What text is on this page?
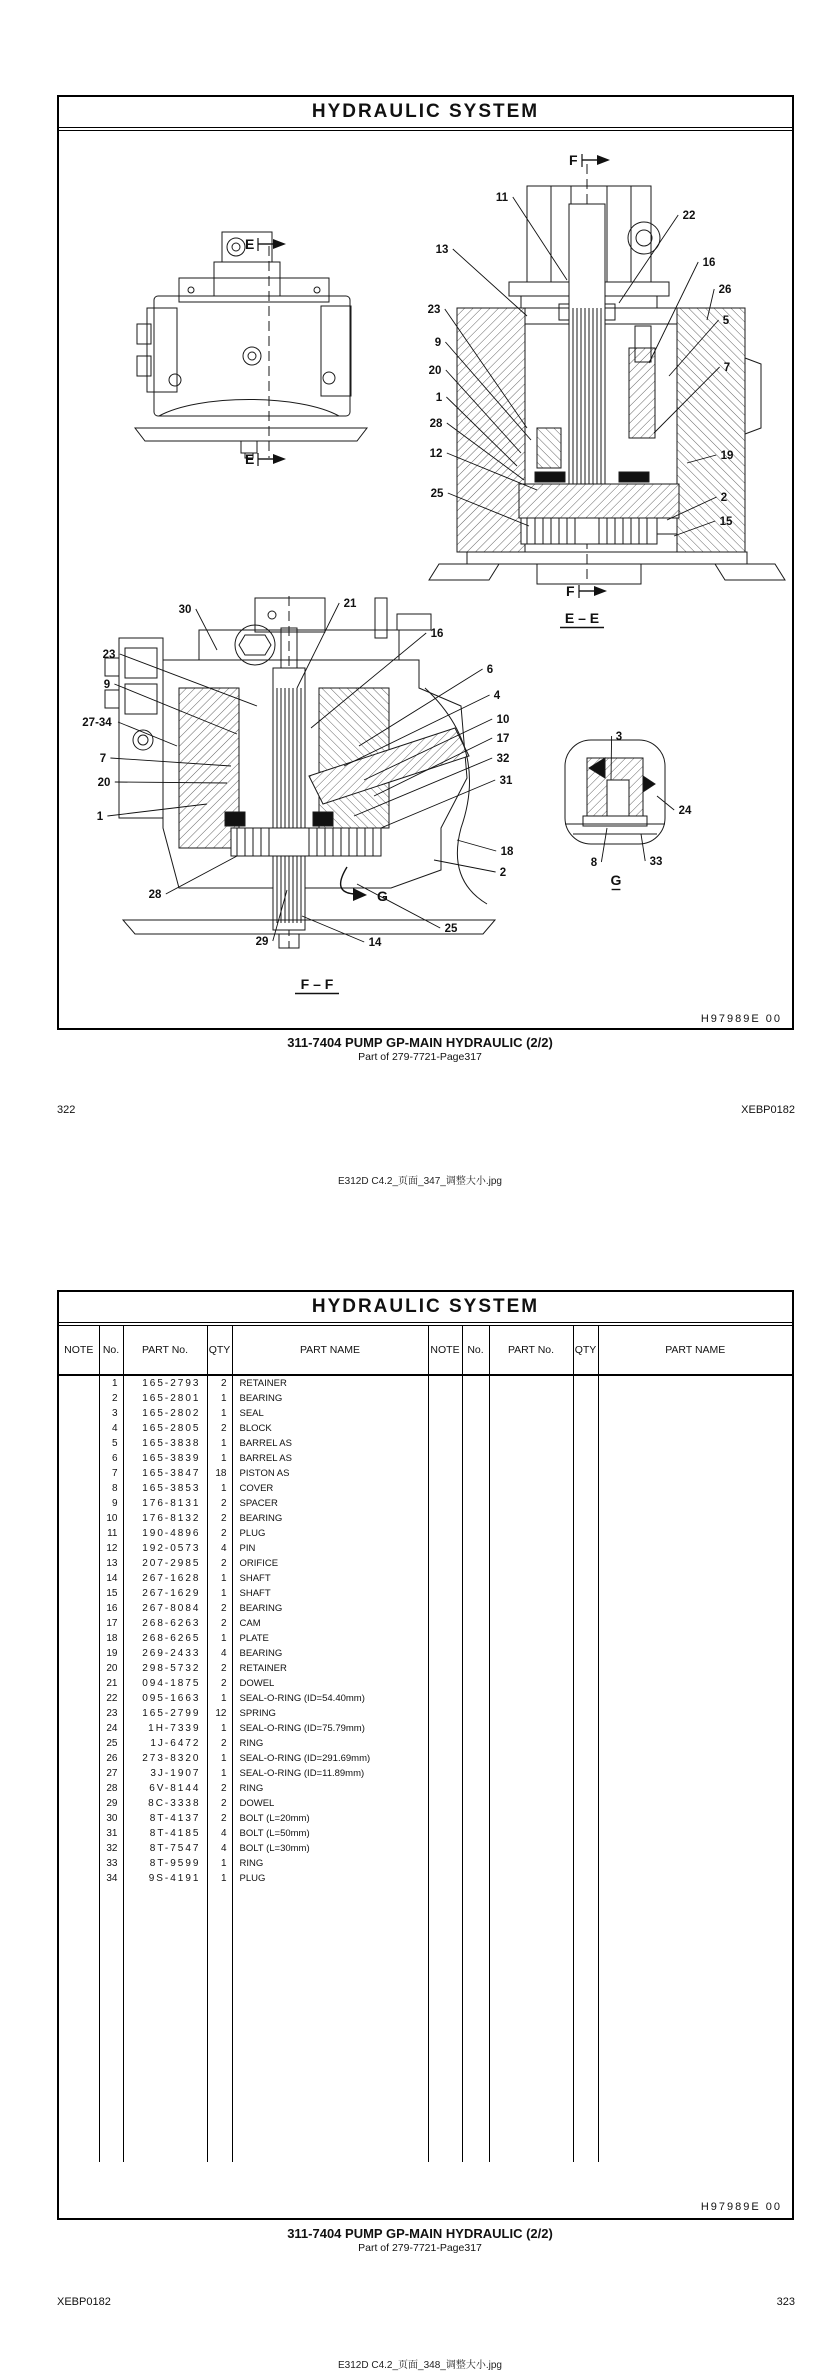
HYDRAULIC SYSTEM
11
13
22
16
26
5
7
19
2
15
23
9
20
1
28
12
25
30	21
16
6
4
10
17
32
31
18
2
25
14
29
28
1
20
7
27-34
9
23
3
24
8	33
E
E
F
F
E – E
F – F
G
G
H97989E 00
311-7404 PUMP GP-MAIN HYDRAULIC (2/2)
Part of 279-7721-Page317
322	XEBP0182
E312D C4.2_页面_347_调整大小.jpg
HYDRAULIC SYSTEM
NOTE	No.	PART No.	QTY	PART NAME	NOTE	No.	PART No.	QTY	PART NAME
	1	165-2793	2	RETAINER					
	2	165-2801	1	BEARING					
	3	165-2802	1	SEAL					
	4	165-2805	2	BLOCK					
	5	165-3838	1	BARREL AS					
	6	165-3839	1	BARREL AS					
	7	165-3847	18	PISTON AS					
	8	165-3853	1	COVER					
	9	176-8131	2	SPACER					
	10	176-8132	2	BEARING					
	11	190-4896	2	PLUG					
	12	192-0573	4	PIN					
	13	207-2985	2	ORIFICE					
	14	267-1628	1	SHAFT					
	15	267-1629	1	SHAFT					
	16	267-8084	2	BEARING					
	17	268-6263	2	CAM					
	18	268-6265	1	PLATE					
	19	269-2433	4	BEARING					
	20	298-5732	2	RETAINER					
	21	094-1875	2	DOWEL					
	22	095-1663	1	SEAL-O-RING (ID=54.40mm)					
	23	165-2799	12	SPRING					
	24	1H-7339	1	SEAL-O-RING (ID=75.79mm)					
	25	1J-6472	2	RING					
	26	273-8320	1	SEAL-O-RING (ID=291.69mm)					
	27	3J-1907	1	SEAL-O-RING (ID=11.89mm)					
	28	6V-8144	2	RING					
	29	8C-3338	2	DOWEL					
	30	8T-4137	2	BOLT (L=20mm)					
	31	8T-4185	4	BOLT (L=50mm)					
	32	8T-7547	4	BOLT (L=30mm)					
	33	8T-9599	1	RING					
	34	9S-4191	1	PLUG					

H97989E 00
311-7404 PUMP GP-MAIN HYDRAULIC (2/2)
Part of 279-7721-Page317
XEBP0182	323
E312D C4.2_页面_348_调整大小.jpg
